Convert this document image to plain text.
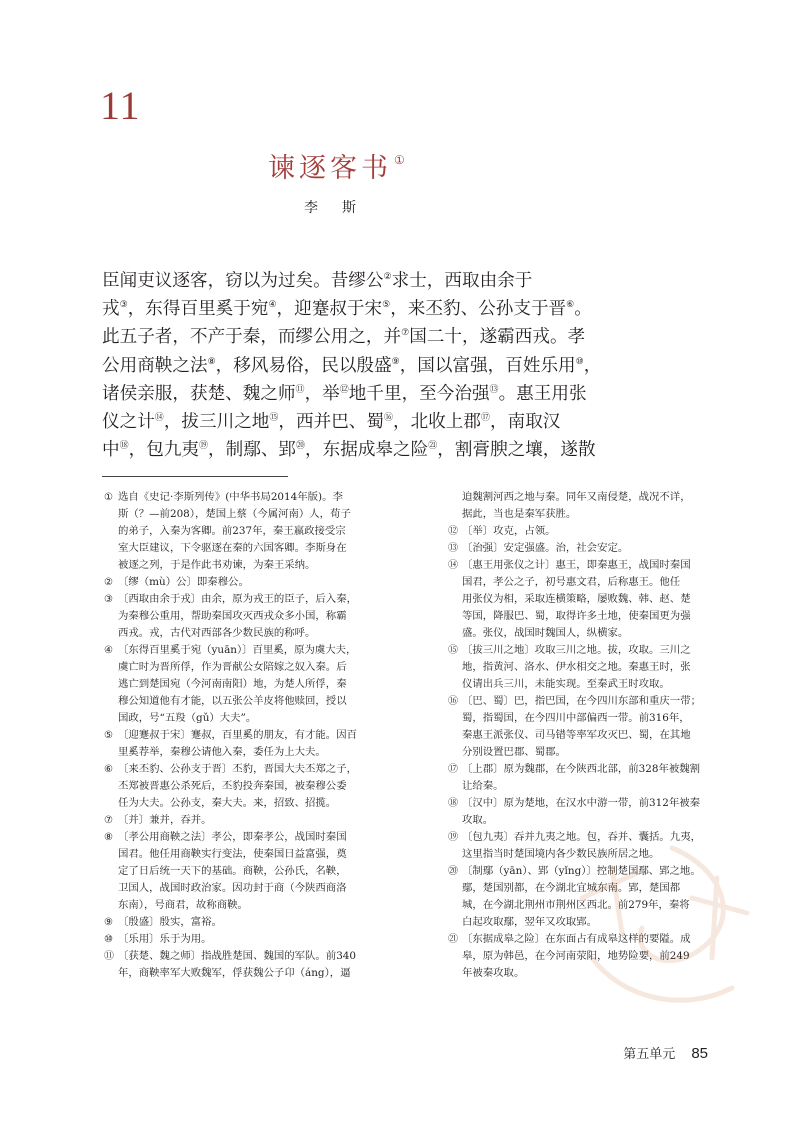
11
谏逐客书 ①
李 斯
臣闻吏议逐客，窃以为过矣。昔缪公②求士，西取由余于
戎③，东得百里奚于宛④，迎蹇叔于宋⑤，来丕豹、公孙支于晋⑥。
此五子者，不产于秦，而缪公用之，并⑦国二十，遂霸西戎。孝
公用商鞅之法⑧，移风易俗，民以殷盛⑨，国以富强，百姓乐用⑩，
诸侯亲服，获楚、魏之师⑪，举⑫地千里，至今治强⑬。惠王用张
仪之计⑭，拔三川之地⑮，西并巴、蜀⑯，北收上郡⑰，南取汉
中⑱，包九夷⑲，制鄢、郢⑳，东据成皋之险$^㉑$，割膏腴之壤，遂散
① 选自《史记·李斯列传》(中华书局2014年版)。李
斯（？—前208），楚国上蔡（今属河南）人，荀子
的弟子，入秦为客卿。前237年，秦王嬴政接受宗
室大臣建议，下令驱逐在秦的六国客卿。李斯身在
被逐之列，于是作此书劝谏，为秦王采纳。
② 〔缪（mù）公〕即秦穆公。
③ 〔西取由余于戎〕由余，原为戎王的臣子，后入秦，
为秦穆公重用，帮助秦国攻灭西戎众多小国，称霸
西戎。戎，古代对西部各少数民族的称呼。
④ 〔东得百里奚于宛（yuān）〕百里奚，原为虞大夫，
虞亡时为晋所俘，作为晋献公女陪嫁之奴入秦。后
逃亡到楚国宛（今河南南阳）地，为楚人所俘，秦
穆公知道他有才能，以五张公羊皮将他赎回，授以
国政，号“五羖（gǔ）大夫”。
⑤ 〔迎蹇叔于宋〕蹇叔，百里奚的朋友，有才能。因百
里奚荐举，秦穆公请他入秦，委任为上大夫。
⑥ 〔来丕豹、公孙支于晋〕丕豹，晋国大夫丕郑之子，
丕郑被晋惠公杀死后，丕豹投奔秦国，被秦穆公委
任为大夫。公孙支，秦大夫。来，招致、招揽。
⑦ 〔并〕兼并，吞并。
⑧ 〔孝公用商鞅之法〕孝公，即秦孝公，战国时秦国
国君。他任用商鞅实行变法，使秦国日益富强，奠
定了日后统一天下的基础。商鞅，公孙氏，名鞅，
卫国人，战国时政治家。因功封于商（今陕西商洛
东南），号商君，故称商鞅。
⑨ 〔殷盛〕殷实，富裕。
⑩ 〔乐用〕乐于为用。
⑪ 〔获楚、魏之师〕指战胜楚国、魏国的军队。前340
年，商鞅率军大败魏军，俘获魏公子卬（áng），逼
迫魏割河西之地与秦。同年又南侵楚，战况不详，
据此，当也是秦军获胜。
⑫ 〔举〕攻克，占领。
⑬ 〔治强〕安定强盛。治，社会安定。
⑭ 〔惠王用张仪之计〕惠王，即秦惠王，战国时秦国
国君，孝公之子，初号惠文君，后称惠王。他任
用张仪为相，采取连横策略，屡败魏、韩、赵、楚
等国，降服巴、蜀，取得许多土地，使秦国更为强
盛。张仪，战国时魏国人，纵横家。
⑮ 〔拔三川之地〕攻取三川之地。拔，攻取。三川之
地，指黄河、洛水、伊水相交之地。秦惠王时，张
仪请出兵三川，未能实现。至秦武王时攻取。
⑯ 〔巴、蜀〕巴，指巴国，在今四川东部和重庆一带；
蜀，指蜀国，在今四川中部偏西一带。前316年，
秦惠王派张仪、司马错等率军攻灭巴、蜀，在其地
分别设置巴郡、蜀郡。
⑰ 〔上郡〕原为魏郡，在今陕西北部，前328年被魏割
让给秦。
⑱ 〔汉中〕原为楚地，在汉水中游一带，前312年被秦
攻取。
⑲ 〔包九夷〕吞并九夷之地。包，吞并、囊括。九夷，
这里指当时楚国境内各少数民族所居之地。
⑳ 〔制鄢（yān）、郢（yǐng）〕控制楚国鄢、郢之地。
鄢，楚国别都，在今湖北宜城东南。郢，楚国都
城，在今湖北荆州市荆州区西北。前279年，秦将
白起攻取鄢，翌年又攻取郢。
㉑ 〔东据成皋之险〕在东面占有成皋这样的要隘。成
皋，原为韩邑，在今河南荥阳，地势险要，前249
年被秦攻取。
第五单元 85
